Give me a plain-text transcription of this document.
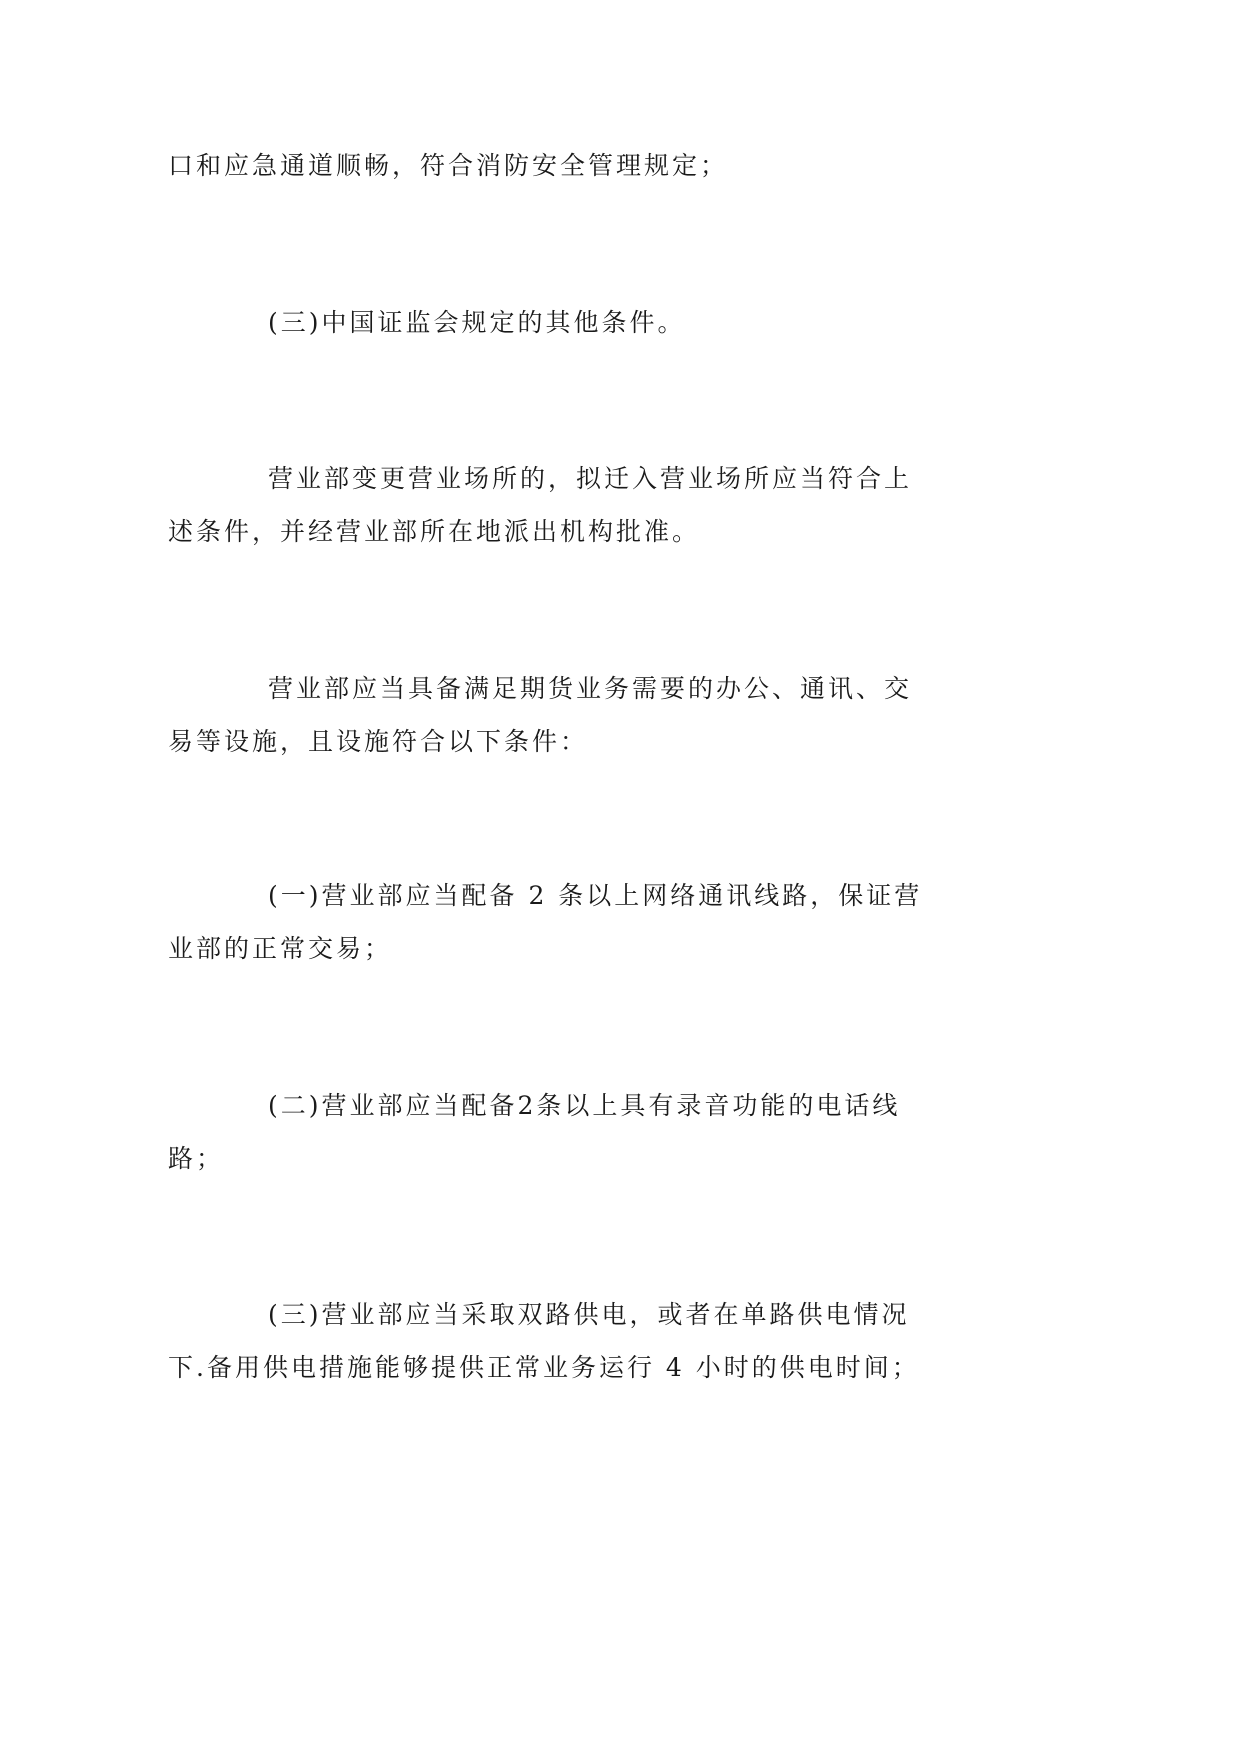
口和应急通道顺畅，符合消防安全管理规定；

(三)中国证监会规定的其他条件。

营业部变更营业场所的，拟迁入营业场所应当符合上
述条件，并经营业部所在地派出机构批准。

营业部应当具备满足期货业务需要的办公、通讯、交
易等设施，且设施符合以下条件：

(一)营业部应当配备 2 条以上网络通讯线路，保证营
业部的正常交易；

(二)营业部应当配备2条以上具有录音功能的电话线
路；

(三)营业部应当采取双路供电，或者在单路供电情况
下.备用供电措施能够提供正常业务运行 4 小时的供电时间；
